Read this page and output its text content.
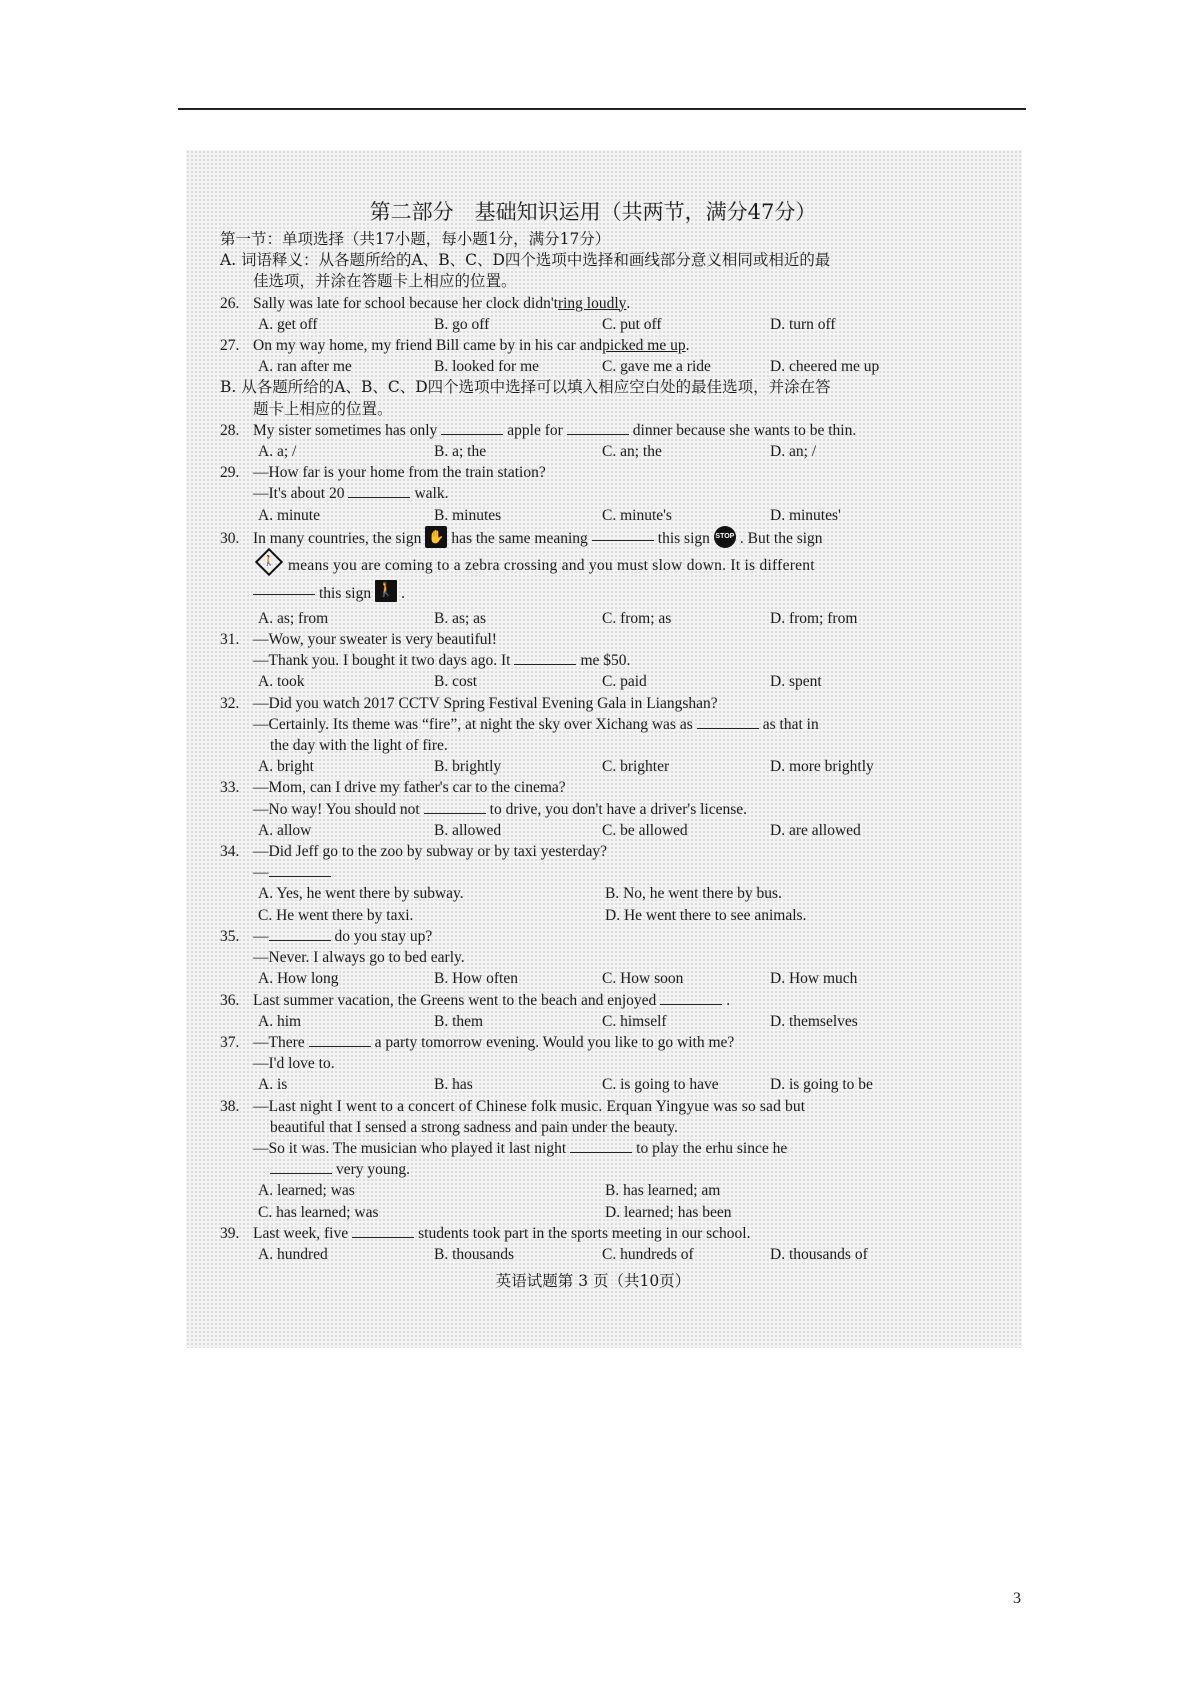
第二部分　基础知识运用（共两节，满分47分）
第一节：单项选择（共17小题，每小题1分，满分17分）
A. 词语释义：从各题所给的A、B、C、D四个选项中选择和画线部分意义相同或相近的最
佳选项，并涂在答题卡上相应的位置。
26. Sally was late for school because her clock didn't ring loudly .
A. get off	B. go off	C. put off	D. turn off
27. On my way home, my friend Bill came by in his car and picked me up .
A. ran after me	B. looked for me	C. gave me a ride	D. cheered me up
B. 从各题所给的A、B、C、D四个选项中选择可以填入相应空白处的最佳选项，并涂在答
题卡上相应的位置。
28. My sister sometimes has only	apple for	dinner because she wants to be thin.
A. a; /	B. a; the	C. an; the	D. an; /
29. —How far is your home from the train station?
—It's about 20	walk.
A. minute	B. minutes	C. minute's	D. minutes'
30. In many countries, the sign ✋ has the same meaning	this sign STOP . But the sign
🚶 means you are coming to a zebra crossing and you must slow down. It is different
this sign 🚶 .
A. as; from	B. as; as	C. from; as	D. from; from
31. —Wow, your sweater is very beautiful!
—Thank you. I bought it two days ago. It	me $50.
A. took	B. cost	C. paid	D. spent
32. —Did you watch 2017 CCTV Spring Festival Evening Gala in Liangshan?
—Certainly. Its theme was “fire”, at night the sky over Xichang was as	as that in
the day with the light of fire.
A. bright	B. brightly	C. brighter	D. more brightly
33. —Mom, can I drive my father's car to the cinema?
—No way! You should not	to drive, you don't have a driver's license.
A. allow	B. allowed	C. be allowed	D. are allowed
34. —Did Jeff go to the zoo by subway or by taxi yesterday?
—
A. Yes, he went there by subway.	B. No, he went there by bus.
C. He went there by taxi.	D. He went there to see animals.
35. —	do you stay up?
—Never. I always go to bed early.
A. How long	B. How often	C. How soon	D. How much
36. Last summer vacation, the Greens went to the beach and enjoyed	.
A. him	B. them	C. himself	D. themselves
37. —There	a party tomorrow evening. Would you like to go with me?
—I'd love to.
A. is	B. has	C. is going to have	D. is going to be
38. —Last night I went to a concert of Chinese folk music. Erquan Yingyue was so sad but
beautiful that I sensed a strong sadness and pain under the beauty.
—So it was. The musician who played it last night	to play the erhu since he
very young.
A. learned; was	B. has learned; am
C. has learned; was	D. learned; has been
39. Last week, five	students took part in the sports meeting in our school.
A. hundred	B. thousands	C. hundreds of	D. thousands of
英语试题第 3 页（共10页）
3
